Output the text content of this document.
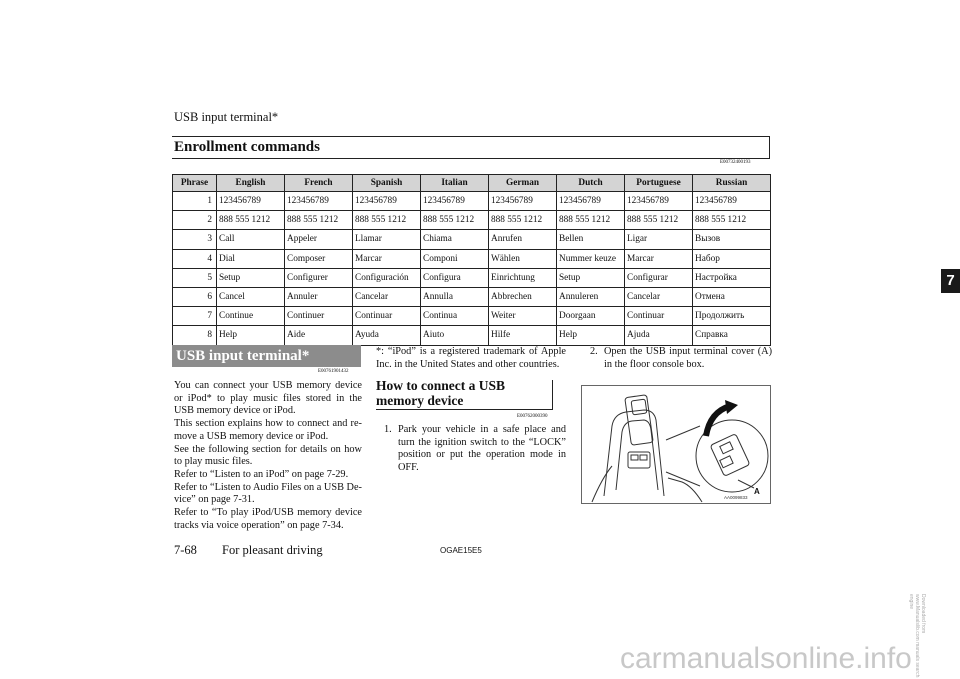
USB input terminal*
Enrollment commands
E00732400193
Phrase	English	French	Spanish	Italian	German	Dutch	Portuguese	Russian
1	123456789	123456789	123456789	123456789	123456789	123456789	123456789	123456789
2	888 555 1212	888 555 1212	888 555 1212	888 555 1212	888 555 1212	888 555 1212	888 555 1212	888 555 1212
3	Call	Appeler	Llamar	Chiama	Anrufen	Bellen	Ligar	Вызов
4	Dial	Composer	Marcar	Componi	Wählen	Nummer keuze	Marcar	Набор
5	Setup	Configurer	Configuración	Configura	Einrichtung	Setup	Configurar	Настройка
6	Cancel	Annuler	Cancelar	Annulla	Abbrechen	Annuleren	Cancelar	Отмена
7	Continue	Continuer	Continuar	Continua	Weiter	Doorgaan	Continuar	Продолжить
8	Help	Aide	Ayuda	Aiuto	Hilfe	Help	Ajuda	Справка
7
USB input terminal*
E00761901432
You can connect your USB memory device or iPod* to play music files stored in the USB memory device or iPod.
This section explains how to connect and re-move a USB memory device or iPod.
See the following section for details on how to play music files.
Refer to “Listen to an iPod” on page 7-29.
Refer to “Listen to Audio Files on a USB De-vice” on page 7-31.
Refer to “To play iPod/USB memory device tracks via voice operation” on page 7-34.
*: “iPod” is a registered trademark of Apple Inc. in the United States and other countries.
How to connect a USB memory device
E00762000390
1. Park your vehicle in a safe place and turn the ignition switch to the “LOCK” position or put the operation mode in OFF.
2. Open the USB input terminal cover (A) in the floor console box.
A
AA0099833
7-68 For pleasant driving	OGAE15E5
carmanualsonline.info
Downloaded from www.Manualslib.com manuals search engine
